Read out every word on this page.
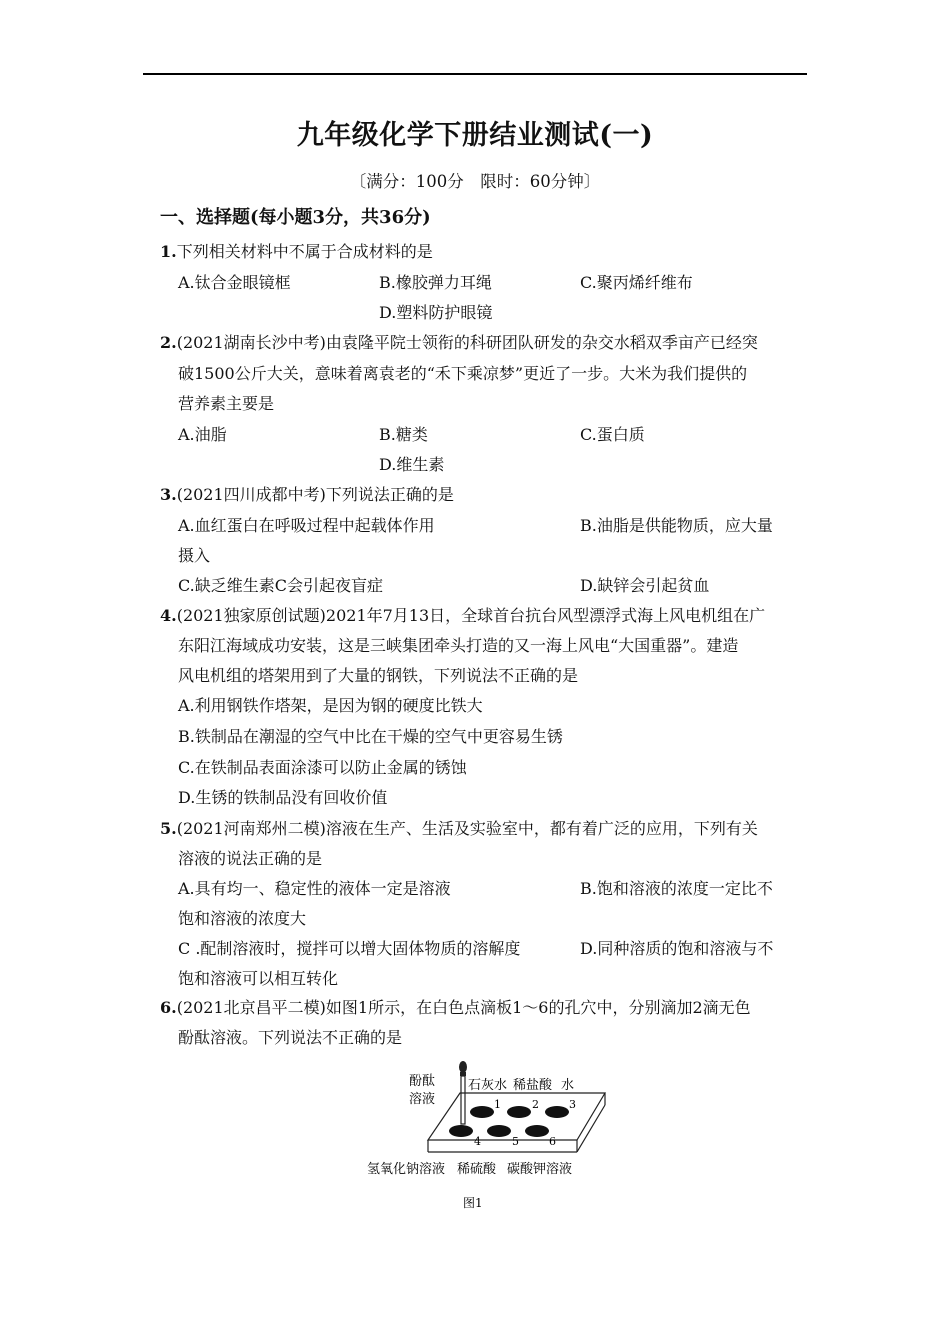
九年级化学下册结业测试(一)
〔满分：100分　限时：60分钟〕
一、选择题(每小题3分，共36分)
1.下列相关材料中不属于合成材料的是
A.钛合金眼镜框	B.橡胶弹力耳绳	C.聚丙烯纤维布
D.塑料防护眼镜
2.(2021湖南长沙中考)由袁隆平院士领衔的科研团队研发的杂交水稻双季亩产已经突
破1500公斤大关，意味着离袁老的“禾下乘凉梦”更近了一步。大米为我们提供的
营养素主要是
A.油脂	B.糖类	C.蛋白质
D.维生素
3.(2021四川成都中考)下列说法正确的是
A.血红蛋白在呼吸过程中起载体作用	B.油脂是供能物质，应大量
摄入
C.缺乏维生素C会引起夜盲症	D.缺锌会引起贫血
4.(2021独家原创试题)2021年7月13日，全球首台抗台风型漂浮式海上风电机组在广
东阳江海域成功安装，这是三峡集团牵头打造的又一海上风电“大国重器”。建造
风电机组的塔架用到了大量的钢铁，下列说法不正确的是
A.利用钢铁作塔架，是因为钢的硬度比铁大
B.铁制品在潮湿的空气中比在干燥的空气中更容易生锈
C.在铁制品表面涂漆可以防止金属的锈蚀
D.生锈的铁制品没有回收价值
5.(2021河南郑州二模)溶液在生产、生活及实验室中，都有着广泛的应用，下列有关
溶液的说法正确的是
A.具有均一、稳定性的液体一定是溶液	B.饱和溶液的浓度一定比不
饱和溶液的浓度大
C .配制溶液时，搅拌可以增大固体物质的溶解度	D.同种溶质的饱和溶液与不
饱和溶液可以相互转化
6.(2021北京昌平二模)如图1所示，在白色点滴板1～6的孔穴中，分别滴加2滴无色
酚酞溶液。下列说法不正确的是
酚酞
溶液	1	2	3
4	5	6
石灰水 稀盐酸 水
氢氧化钠溶液 稀硫酸 碳酸钾溶液
图1
